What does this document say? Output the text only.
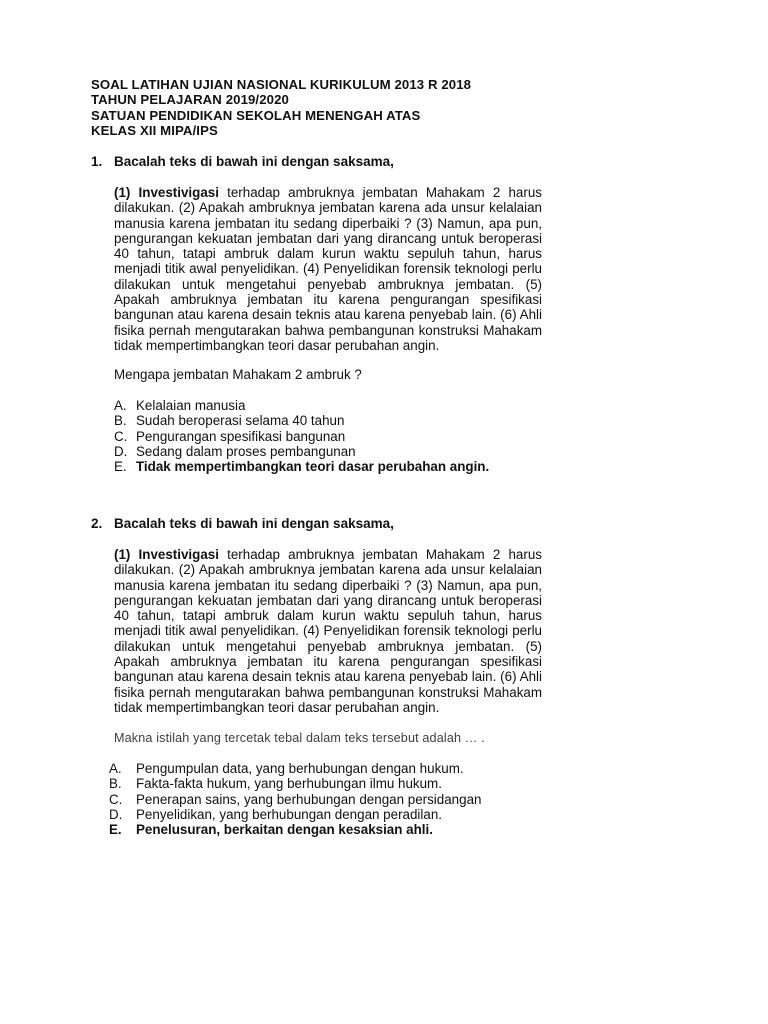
SOAL LATIHAN UJIAN NASIONAL KURIKULUM 2013 R 2018
TAHUN PELAJARAN 2019/2020
SATUAN PENDIDIKAN SEKOLAH MENENGAH ATAS
KELAS XII MIPA/IPS
1. Bacalah teks di bawah ini dengan saksama,
(1) Investivigasi terhadap ambruknya jembatan Mahakam 2 harus dilakukan. (2) Apakah ambruknya jembatan karena ada unsur kelalaian manusia karena jembatan itu sedang diperbaiki ? (3) Namun, apa pun, pengurangan kekuatan jembatan dari yang dirancang untuk beroperasi 40 tahun, tatapi ambruk dalam kurun waktu sepuluh tahun, harus menjadi titik awal penyelidikan. (4) Penyelidikan forensik teknologi perlu dilakukan untuk mengetahui penyebab ambruknya jembatan. (5) Apakah ambruknya jembatan itu karena pengurangan spesifikasi bangunan atau karena desain teknis atau karena penyebab lain. (6) Ahli fisika pernah mengutarakan bahwa pembangunan konstruksi Mahakam tidak mempertimbangkan teori dasar perubahan angin.
Mengapa jembatan Mahakam 2 ambruk ?
A. Kelalaian manusia
B. Sudah beroperasi selama 40 tahun
C. Pengurangan spesifikasi bangunan
D. Sedang dalam proses pembangunan
E. Tidak mempertimbangkan teori dasar perubahan angin.
2. Bacalah teks di bawah ini dengan saksama,
(1) Investivigasi terhadap ambruknya jembatan Mahakam 2 harus dilakukan. (2) Apakah ambruknya jembatan karena ada unsur kelalaian manusia karena jembatan itu sedang diperbaiki ? (3) Namun, apa pun, pengurangan kekuatan jembatan dari yang dirancang untuk beroperasi 40 tahun, tatapi ambruk dalam kurun waktu sepuluh tahun, harus menjadi titik awal penyelidikan. (4) Penyelidikan forensik teknologi perlu dilakukan untuk mengetahui penyebab ambruknya jembatan. (5) Apakah ambruknya jembatan itu karena pengurangan spesifikasi bangunan atau karena desain teknis atau karena penyebab lain. (6) Ahli fisika pernah mengutarakan bahwa pembangunan konstruksi Mahakam tidak mempertimbangkan teori dasar perubahan angin.
Makna istilah yang tercetak tebal dalam teks tersebut adalah … .
A.	Pengumpulan data, yang berhubungan dengan hukum.
B.	Fakta-fakta hukum, yang berhubungan ilmu hukum.
C.	Penerapan sains, yang berhubungan dengan persidangan
D.	Penyelidikan, yang berhubungan dengan peradilan.
E.	Penelusuran, berkaitan dengan kesaksian ahli.
